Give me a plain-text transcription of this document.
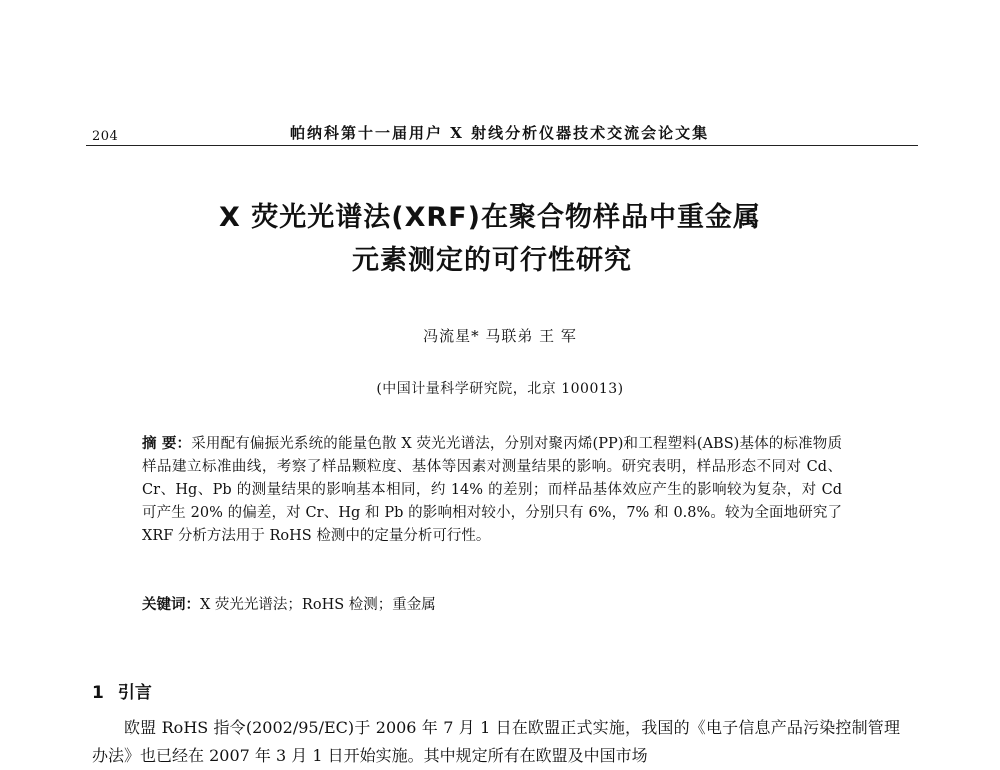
204	帕纳科第十一届用户 X 射线分析仪器技术交流会论文集
X 荧光光谱法(XRF)在聚合物样品中重金属
元素测定的可行性研究
冯流星* 马联弟 王 军
(中国计量科学研究院，北京 100013)
摘 要：采用配有偏振光系统的能量色散 X 荧光光谱法，分别对聚丙烯(PP)和工程塑料(ABS)基体的标准物质样品建立标准曲线，考察了样品颗粒度、基体等因素对测量结果的影响。研究表明，样品形态不同对 Cd、Cr、Hg、Pb 的测量结果的影响基本相同，约 14% 的差别；而样品基体效应产生的影响较为复杂，对 Cd 可产生 20% 的偏差，对 Cr、Hg 和 Pb 的影响相对较小，分别只有 6%，7% 和 0.8%。较为全面地研究了 XRF 分析方法用于 RoHS 检测中的定量分析可行性。
关键词：X 荧光光谱法；RoHS 检测；重金属
1 引言
欧盟 RoHS 指令(2002/95/EC)于 2006 年 7 月 1 日在欧盟正式实施，我国的《电子信息产品污染控制管理办法》也已经在 2007 年 3 月 1 日开始实施。其中规定所有在欧盟及中国市场
